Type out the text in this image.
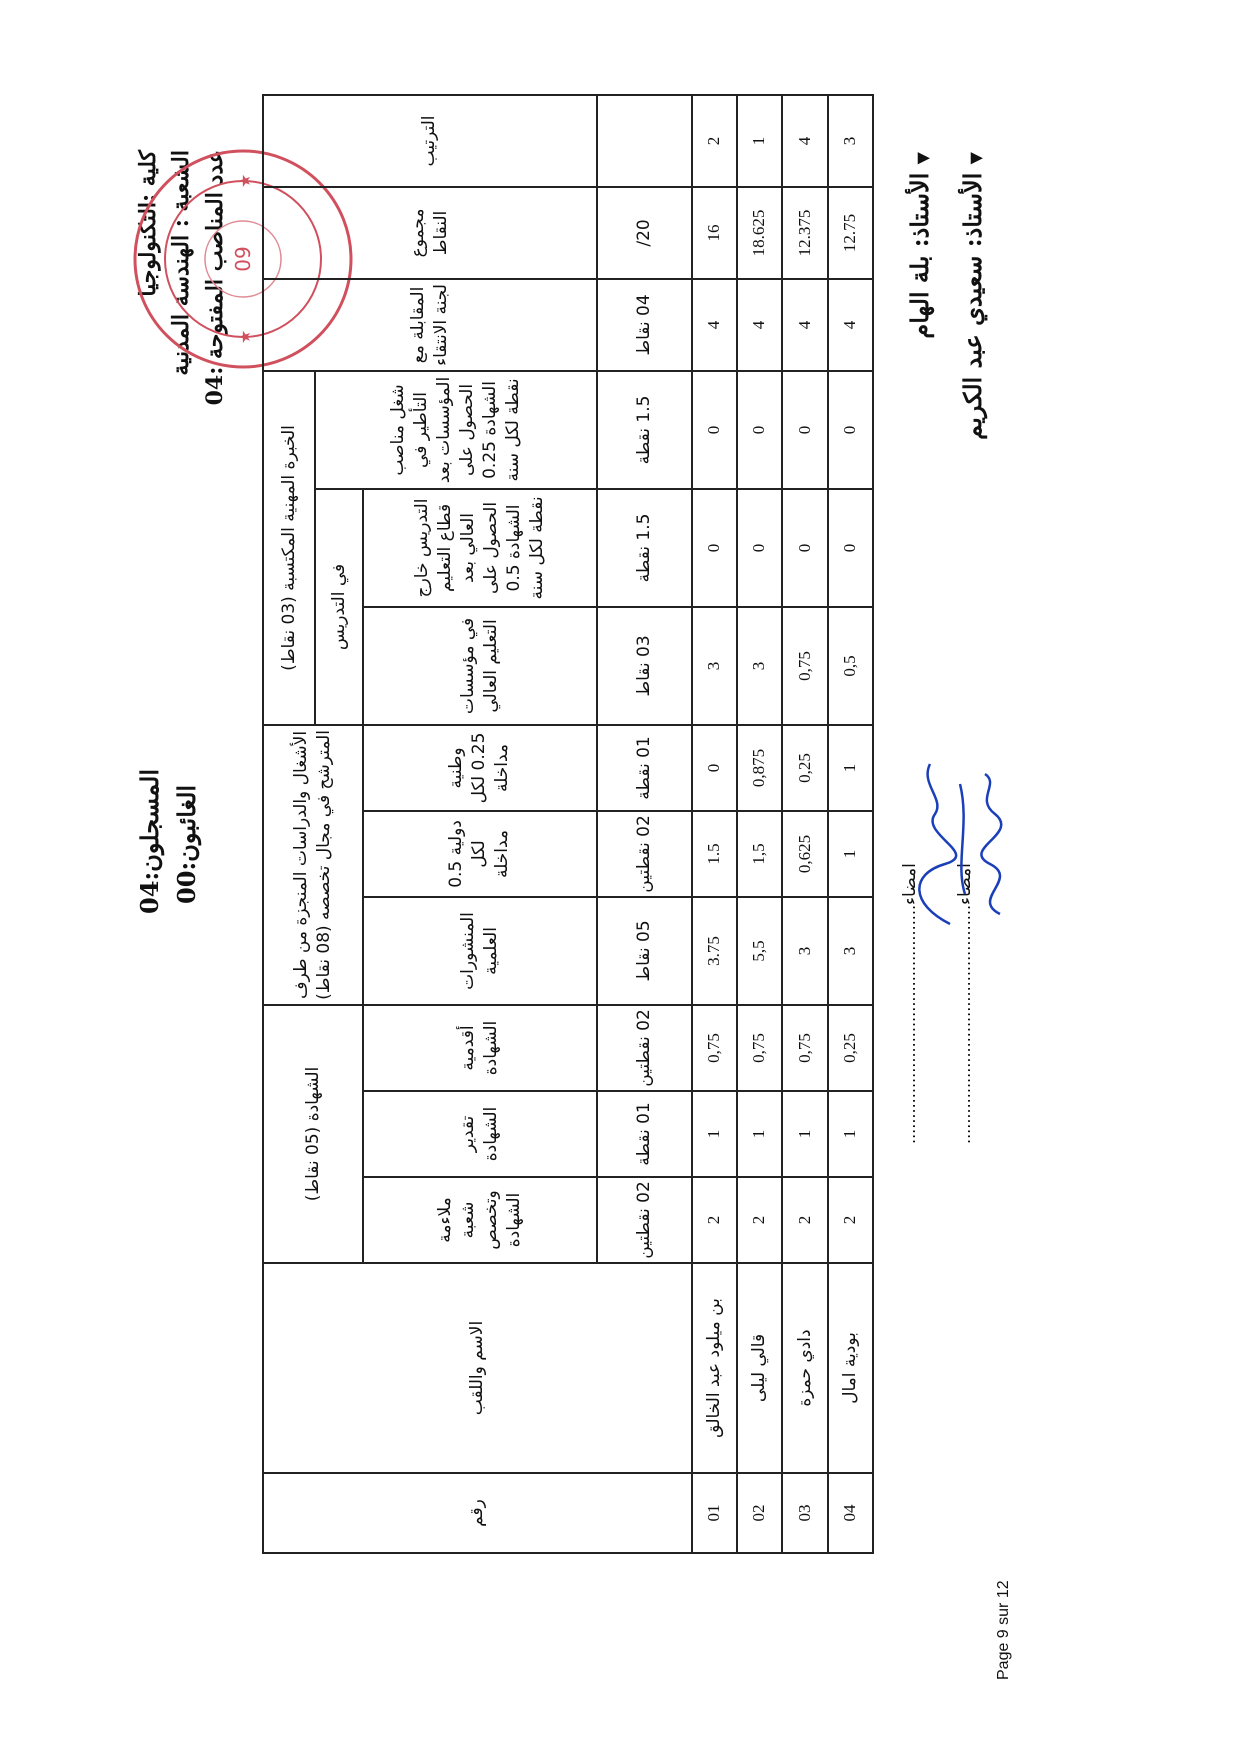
كلية :التكنولوجيا الشعبة : الهندسة المدنية
عدد المناصب المفتوحة :04
المسجلون:04
الغائبون:00
09
★
★
الترتيب	مجموع النقاط	المقابلة مع لجنة الانتقاء	الخبرة المهنية المكتسبة (03 نقاط)			الأشغال والدراسات المنجزة من طرف المترشح في مجال تخصصه (08 نقاط)			الشهادة (05 نقاط)			الاسم واللقب	رقم
			شغل مناصب التأطير في المؤسسات بعد الحصول على الشهادة 0.25 نقطة لكل سنة	في التدريس									
				التدريس خارج قطاع التعليم العالي بعد الحصول على الشهادة 0.5 نقطة لكل سنة	في مؤسسات التعليم العالي	وطنية 0.25 لكل مداخلة	دولية 0.5 لكل مداخلة	المنشورات العلمية	أقدمية الشهادة	تقدير الشهادة	ملاءمة شعبة وتخصص الشهادة		
	20/	04 نقاط	1.5 نقطة	1.5 نقطة	03 نقاط	01 نقطة	02 نقطتين	05 نقاط	02 نقطتين	01 نقطة	02 نقطتين		
2	16	4	0	0	3	0	1.5	3.75	0,75	1	2	بن ميلود عبد الخالق	01
1	18.625	4	0	0	3	0,875	1,5	5,5	0,75	1	2	قالي ليلى	02
4	12.375	4	0	0	0,75	0,25	0,625	3	0,75	1	2	دادي حمزة	03
3	12.75	4	0	0	0,5	1	1	3	0,25	1	2	بودية امال	04
▼ الأستاذ: بلة الهام
▼ الأستاذ: سعيدي عبد الكريم
امضاء...............................................
امضاء...............................................
Page 9 sur 12
